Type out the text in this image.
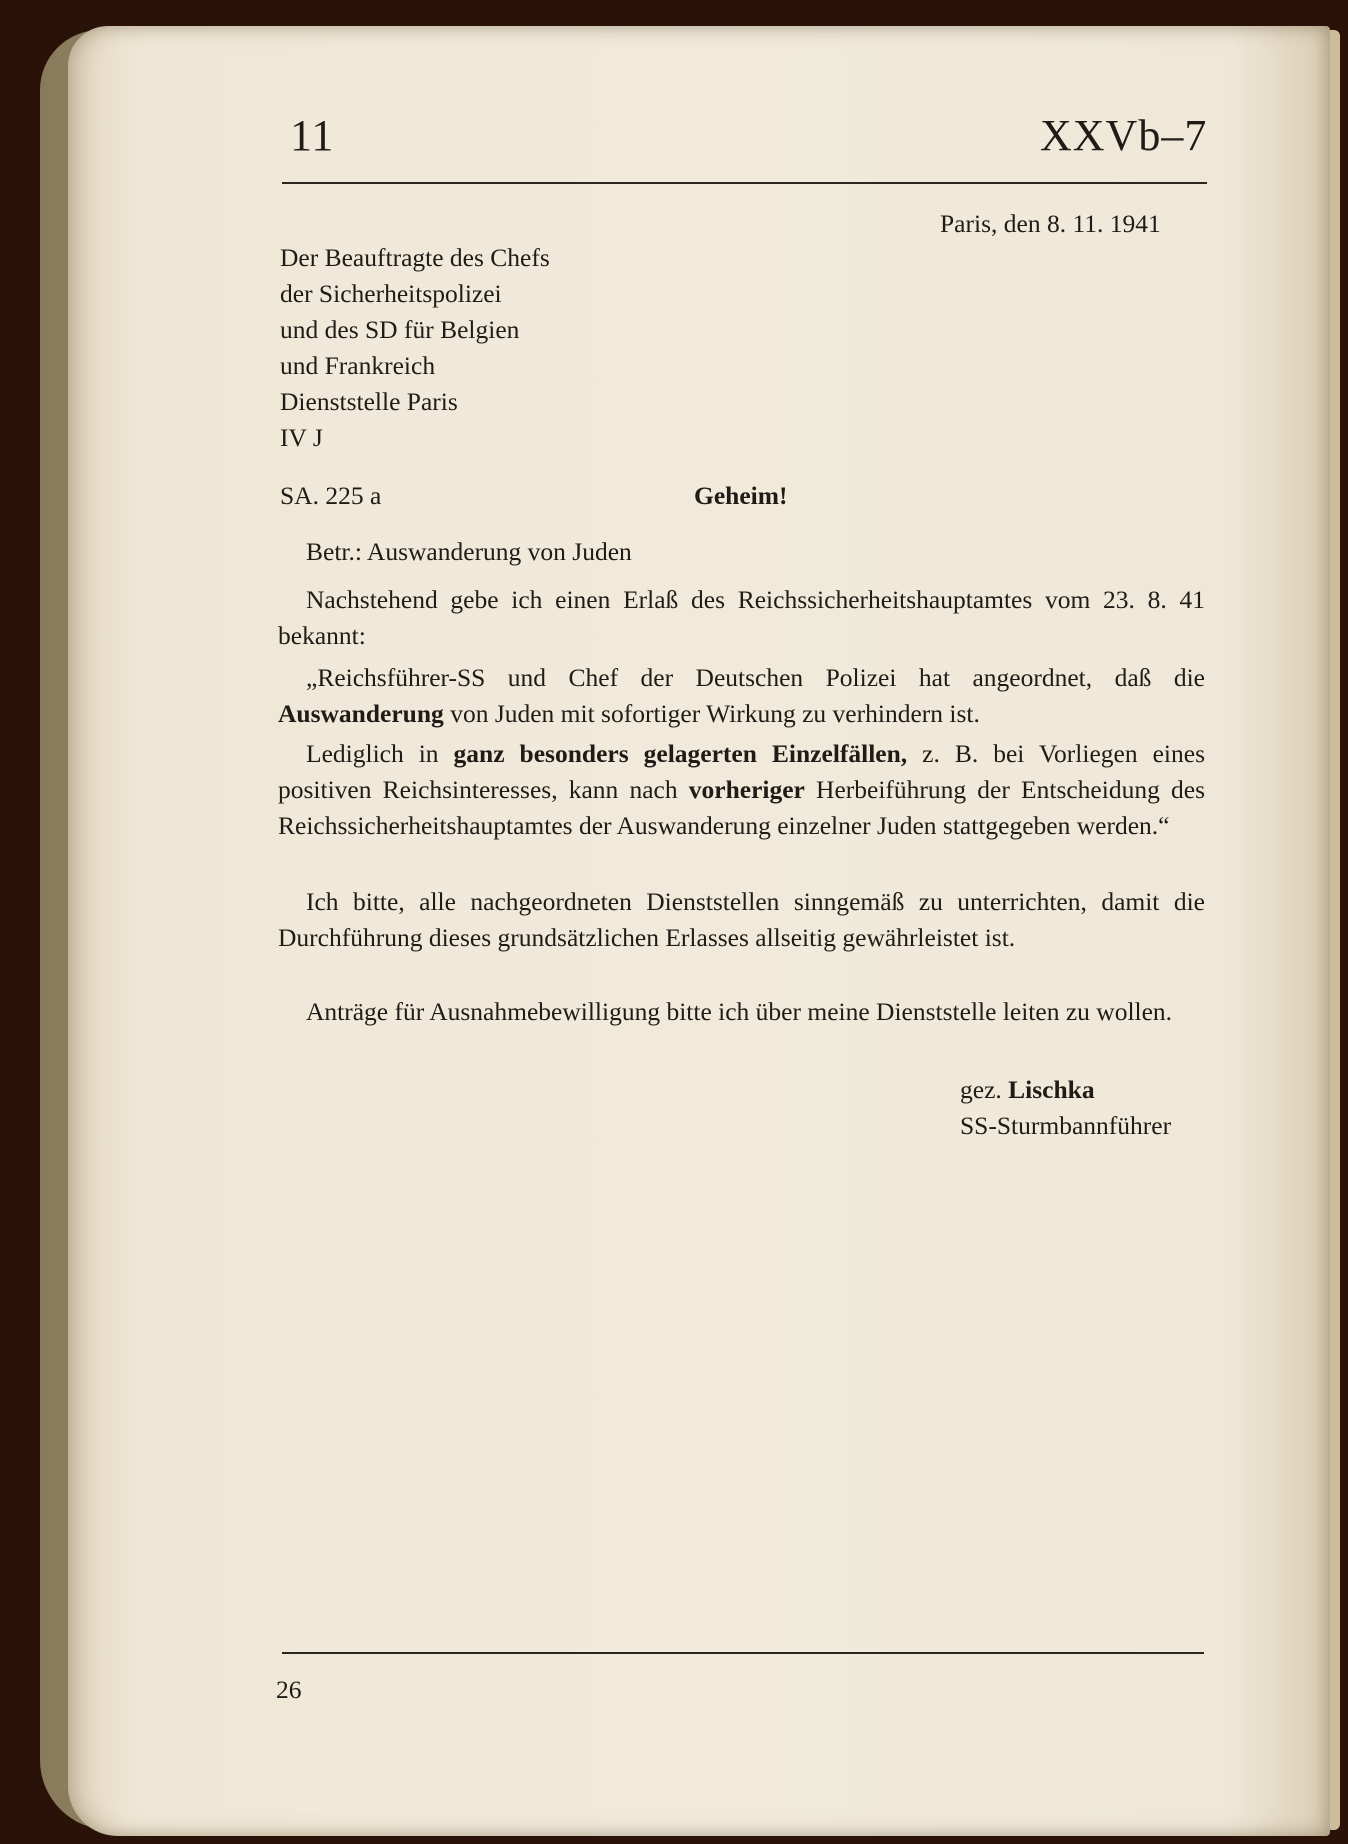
11	XXVb–7
Paris, den 8. 11. 1941
Der Beauftragte des Chefs
der Sicherheitspolizei
und des SD für Belgien
und Frankreich
Dienststelle Paris
IV J
SA. 225 a	Geheim!
Betr.: Auswanderung von Juden
Nachstehend gebe ich einen Erlaß des Reichssicherheitshauptamtes vom 23. 8. 41 bekannt:
„Reichsführer-SS und Chef der Deutschen Polizei hat angeordnet, daß die Auswanderung von Juden mit sofortiger Wirkung zu verhindern ist.
Lediglich in ganz besonders gelagerten Einzelfällen, z. B. bei Vorliegen eines positiven Reichsinteresses, kann nach vorheriger Herbeiführung der Entscheidung des Reichssicherheitshauptamtes der Auswanderung einzelner Juden stattgegeben werden.“
Ich bitte, alle nachgeordneten Dienststellen sinngemäß zu unterrichten, damit die Durchführung dieses grundsätzlichen Erlasses allseitig gewährleistet ist.
Anträge für Ausnahmebewilligung bitte ich über meine Dienststelle leiten zu wollen.
gez. Lischka
SS-Sturmbannführer
26
